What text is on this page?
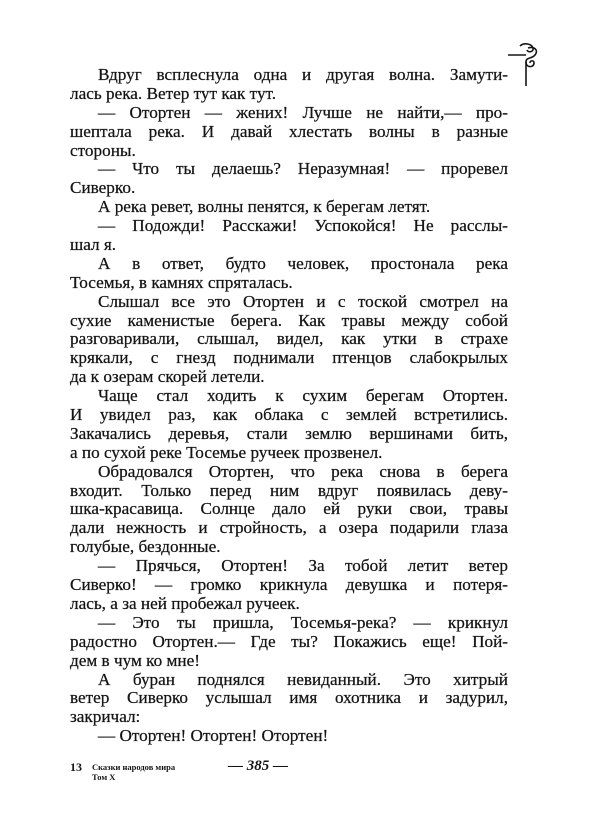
Вдруг всплеснула одна и другая волна. Замути-
лась река. Ветер тут как тут.
— Отортен — жених! Лучше не найти,— про-
шептала река. И давай хлестать волны в разные
стороны.
— Что ты делаешь? Неразумная! — проревел
Сиверко.
А река ревет, волны пенятся, к берегам летят.
— Подожди! Расскажи! Успокойся! Не расслы-
шал я.
А в ответ, будто человек, простонала река
Тосемья, в камнях спряталась.
Слышал все это Отортен и с тоской смотрел на
сухие каменистые берега. Как травы между собой
разговаривали, слышал, видел, как утки в страхе
крякали, с гнезд поднимали птенцов слабокрылых
да к озерам скорей летели.
Чаще стал ходить к сухим берегам Отортен.
И увидел раз, как облака с землей встретились.
Закачались деревья, стали землю вершинами бить,
а по сухой реке Тосемье ручеек прозвенел.
Обрадовался Отортен, что река снова в берега
входит. Только перед ним вдруг появилась деву-
шка-красавица. Солнце дало ей руки свои, травы
дали нежность и стройность, а озера подарили глаза
голубые, бездонные.
— Прячься, Отортен! За тобой летит ветер
Сиверко! — громко крикнула девушка и потеря-
лась, а за ней пробежал ручеек.
— Это ты пришла, Тосемья-река? — крикнул
радостно Отортен.— Где ты? Покажись еще! Пой-
дем в чум ко мне!
А буран поднялся невиданный. Это хитрый
ветер Сиверко услышал имя охотника и задурил,
закричал:
— Отортен! Отортен! Отортен!
13 Сказки народов мира
Том X
— 385 —
